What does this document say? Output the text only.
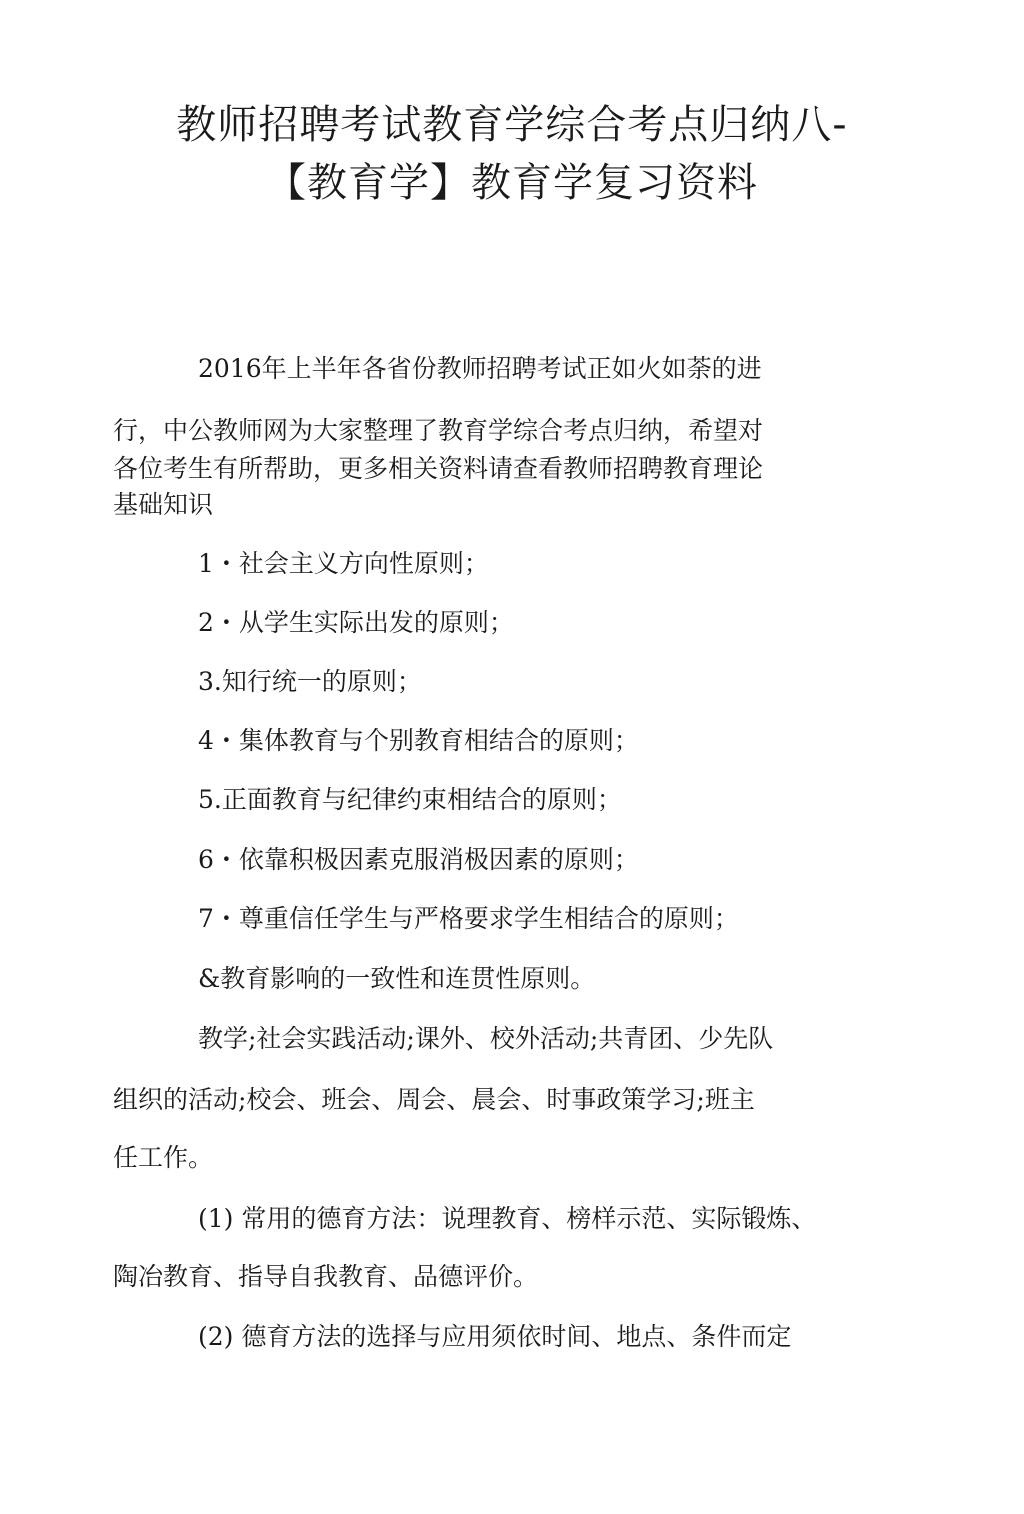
教师招聘考试教育学综合考点归纳八-
【教育学】教育学复习资料

2016年上半年各省份教师招聘考试正如火如荼的进

行，中公教师网为大家整理了教育学综合考点归纳，希望对

各位考生有所帮助，更多相关资料请查看教师招聘教育理论

基础知识

1・社会主义方向性原则；

2・从学生实际出发的原则；

3.知行统一的原则；

4・集体教育与个别教育相结合的原则；

5.正面教育与纪律约束相结合的原则；

6・依靠积极因素克服消极因素的原则；

7・尊重信任学生与严格要求学生相结合的原则；

&教育影响的一致性和连贯性原则。

教学;社会实践活动;课外、校外活动;共青团、少先队

组织的活动;校会、班会、周会、晨会、时事政策学习;班主

任工作。

(1) 常用的德育方法：说理教育、榜样示范、实际锻炼、

陶冶教育、指导自我教育、品德评价。

(2) 德育方法的选择与应用须依时间、地点、条件而定
